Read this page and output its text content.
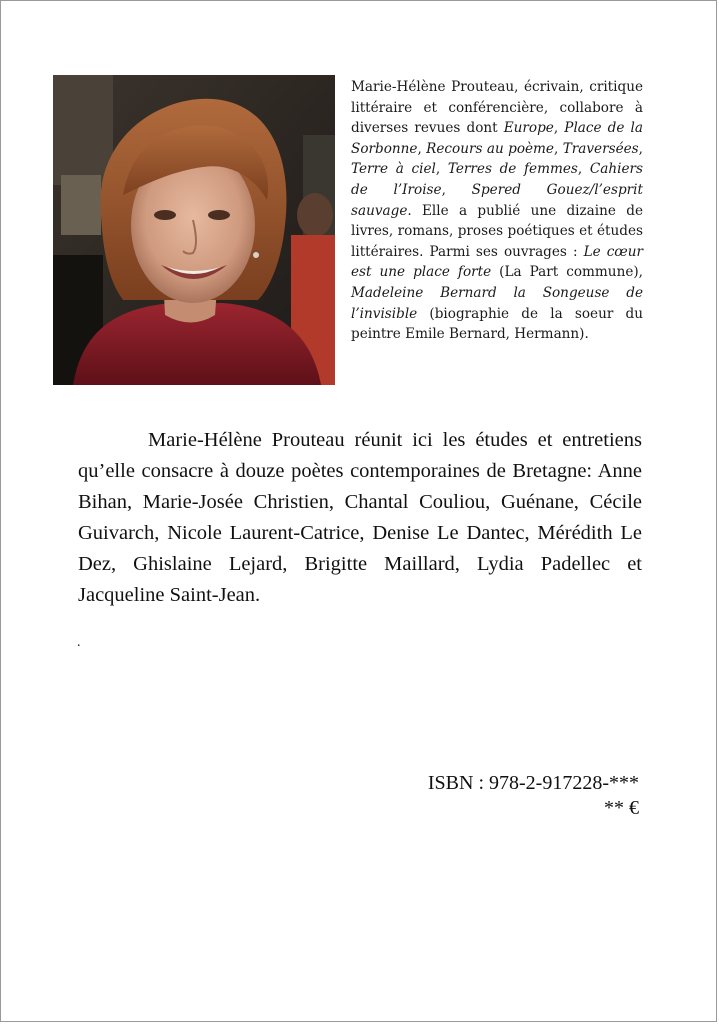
Marie-Hélène Prouteau, écrivain, critique littéraire et conférencière, collabore à diverses revues dont Europe, Place de la Sorbonne, Recours au poème, Traversées, Terre à ciel, Terres de femmes, Cahiers de l’Iroise, Spered Gouez/l’esprit sauvage. Elle a publié une dizaine de livres, romans, proses poétiques et études littéraires. Parmi ses ouvrages : Le cœur est une place forte (La Part commune), Madeleine Bernard la Songeuse de l’invisible (biographie de la soeur du peintre Emile Bernard, Hermann).
Marie-Hélène Prouteau réunit ici les études et entretiens qu’elle consacre à douze poètes contemporaines de Bretagne: Anne Bihan, Marie-Josée Christien, Chantal Couliou, Guénane, Cécile Guivarch, Nicole Laurent-Catrice, Denise Le Dantec, Mérédith Le Dez, Ghislaine Lejard, Brigitte Maillard, Lydia Padellec et Jacqueline Saint-Jean.
.
ISBN : 978-2-917228-***
** €
